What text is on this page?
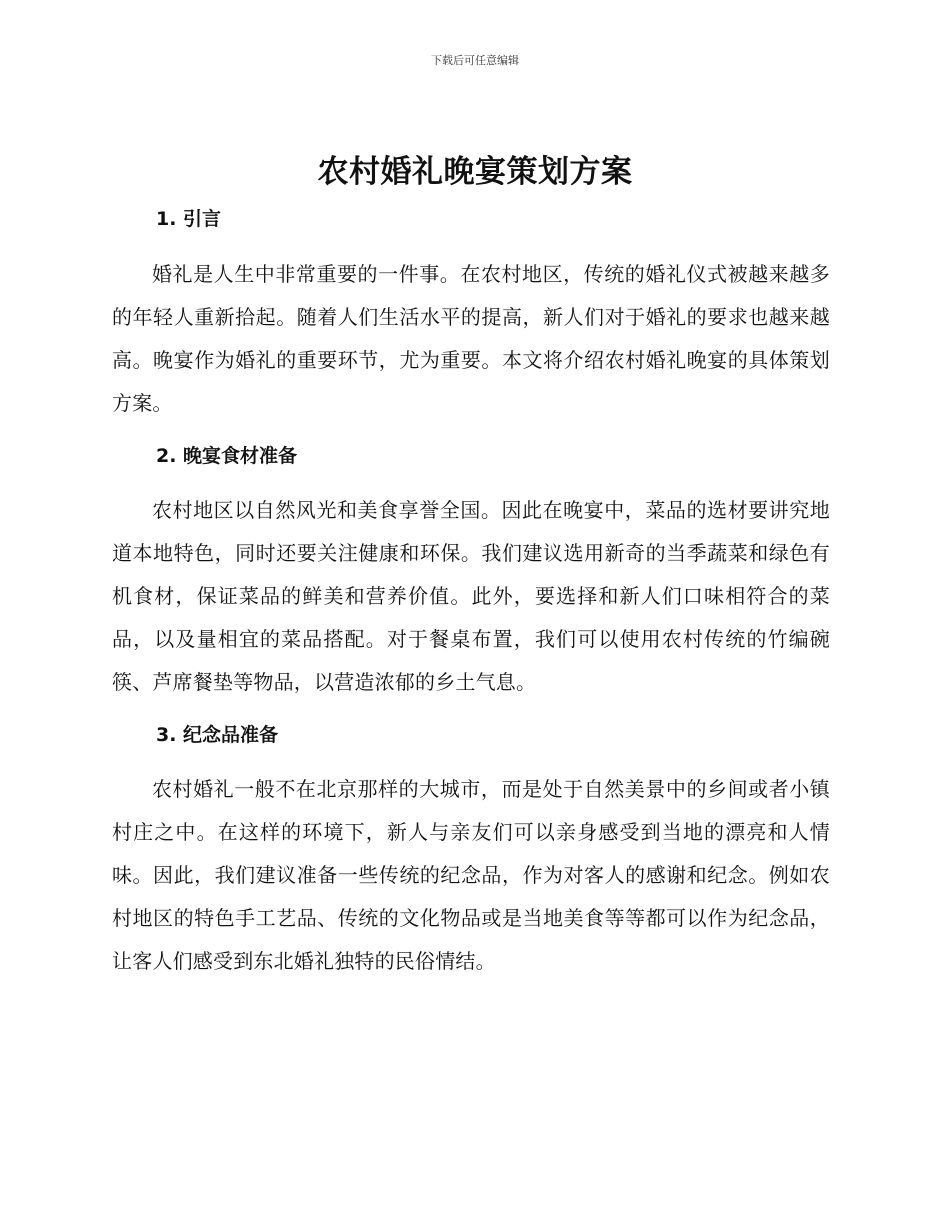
下载后可任意编辑
农村婚礼晚宴策划方案
1. 引言

婚礼是人生中非常重要的一件事。在农村地区，传统的婚礼仪式被越来越多的年轻人重新拾起。随着人们生活水平的提高，新人们对于婚礼的要求也越来越高。晚宴作为婚礼的重要环节，尤为重要。本文将介绍农村婚礼晚宴的具体策划方案。

2. 晚宴食材准备

农村地区以自然风光和美食享誉全国。因此在晚宴中，菜品的选材要讲究地道本地特色，同时还要关注健康和环保。我们建议选用新奇的当季蔬菜和绿色有机食材，保证菜品的鲜美和营养价值。此外，要选择和新人们口味相符合的菜品，以及量相宜的菜品搭配。对于餐桌布置，我们可以使用农村传统的竹编碗筷、芦席餐垫等物品，以营造浓郁的乡土气息。

3. 纪念品准备

农村婚礼一般不在北京那样的大城市，而是处于自然美景中的乡间或者小镇村庄之中。在这样的环境下，新人与亲友们可以亲身感受到当地的漂亮和人情味。因此，我们建议准备一些传统的纪念品，作为对客人的感谢和纪念。例如农村地区的特色手工艺品、传统的文化物品或是当地美食等等都可以作为纪念品，让客人们感受到东北婚礼独特的民俗情结。
